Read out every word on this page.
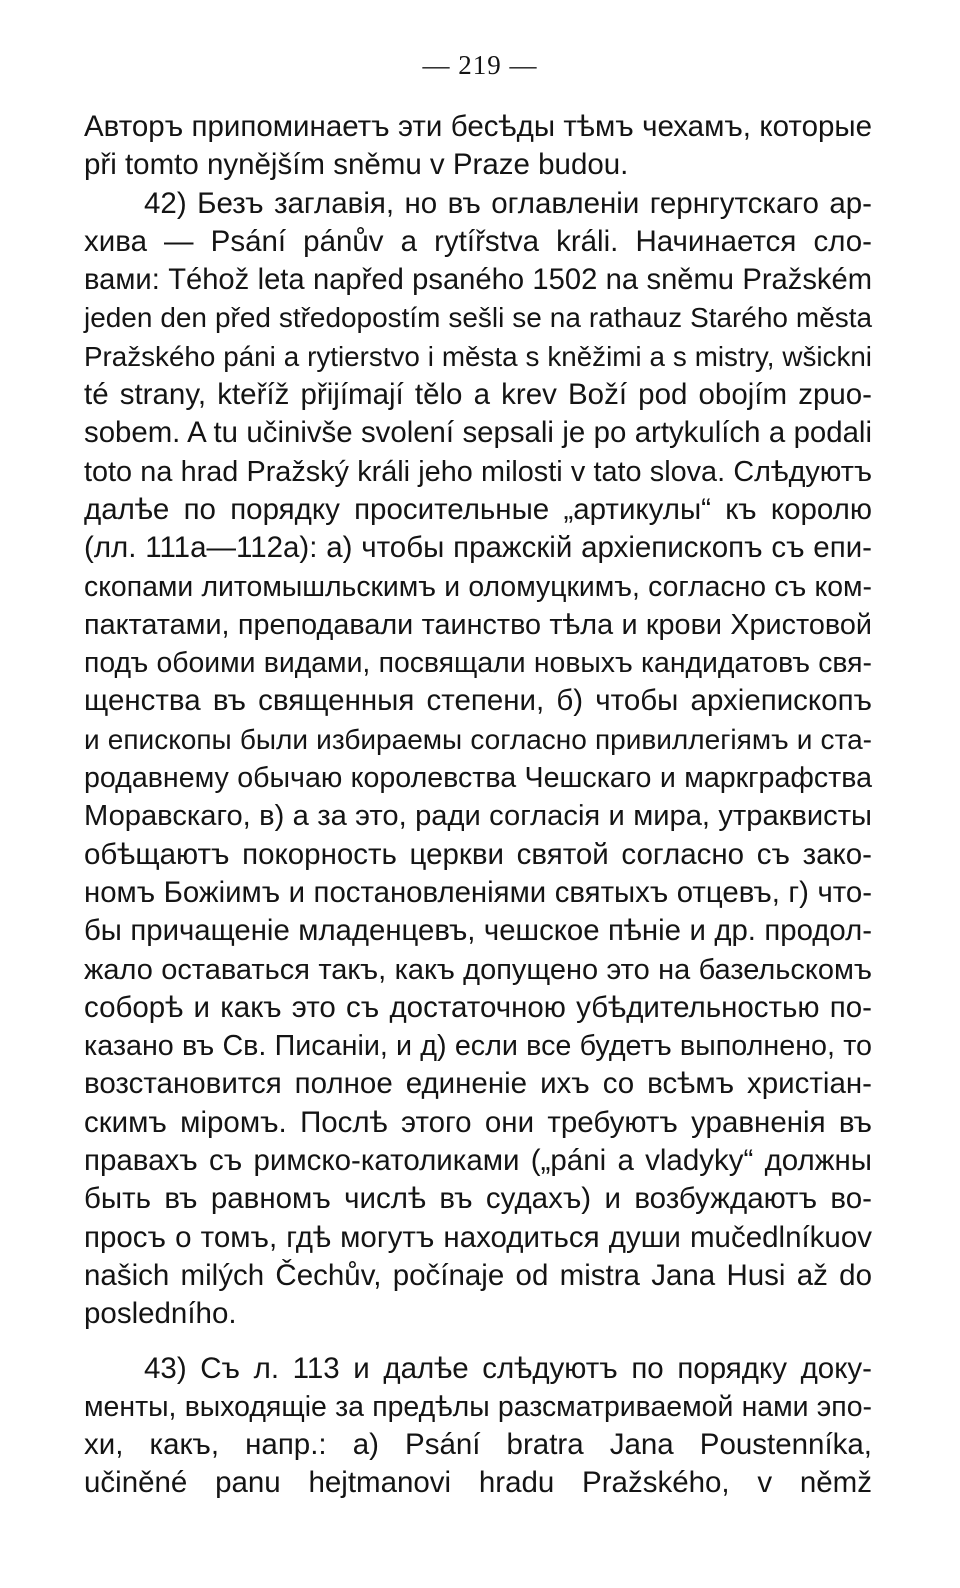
— 219 —
Авторъ припоминаетъ эти бесѣды тѣмъ чехамъ, которые
při tomto nynějším sněmu v Praze budou.
42) Безъ заглавія, но въ оглавленіи гернгутскаго ар-
хива — Psání pánův a rytířstva králi. Начинается сло-
вами: Téhož leta napřed psaného 1502 na sněmu Pražském
jeden den před středopostím sešli se na rathauz Starého města
Pražského páni a rytierstvo i města s kněžimi a s mistry, wšickni
té strany, kteříž přijímají tělo a krev Boží pod obojím zpuo-
sobem. A tu učinivše svolení sepsali je po artykulích a podali
toto na hrad Pražský králi jeho milosti v tato slova. Слѣдуютъ
далѣе по порядку просительные „артикулы“ къ королю
(лл. 111а—112а): а) чтобы пражскій архіепископъ съ епи-
скопами литомышльскимъ и оломуцкимъ, согласно съ ком-
пактатами, преподавали таинство тѣла и крови Христовой
подъ обоими видами, посвящали новыхъ кандидатовъ свя-
щенства въ священныя степени, б) чтобы архіепископъ
и епископы были избираемы согласно привиллегіямъ и ста-
родавнему обычаю королевства Чешскаго и маркграфства
Моравскаго, в) а за это, ради согласія и мира, утраквисты
обѣщаютъ покорность церкви святой согласно съ зако-
номъ Божіимъ и постановленіями святыхъ отцевъ, г) что-
бы причащеніе младенцевъ, чешское пѣніе и др. продол-
жало оставаться такъ, какъ допущено это на базельскомъ
соборѣ и какъ это съ достаточною убѣдительностью по-
казано въ Св. Писаніи, и д) если все будетъ выполнено, то
возстановится полное единеніе ихъ со всѣмъ христіан-
скимъ міромъ. Послѣ этого они требуютъ уравненія въ
правахъ съ римско-католиками („páni a vladyky“ должны
быть въ равномъ числѣ въ судахъ) и возбуждаютъ во-
просъ о томъ, гдѣ могутъ находиться души mučedlníkuov
našich milých Čechův, počínaje od mistra Jana Husi až do
posledního.
43) Съ л. 113 и далѣе слѣдуютъ по порядку доку-
менты, выходящіе за предѣлы разсматриваемой нами эпо-
хи, какъ, напр.: а) Psání bratra Jana Poustenníka,
učiněné panu hejtmanovi hradu Pražského, v němž
